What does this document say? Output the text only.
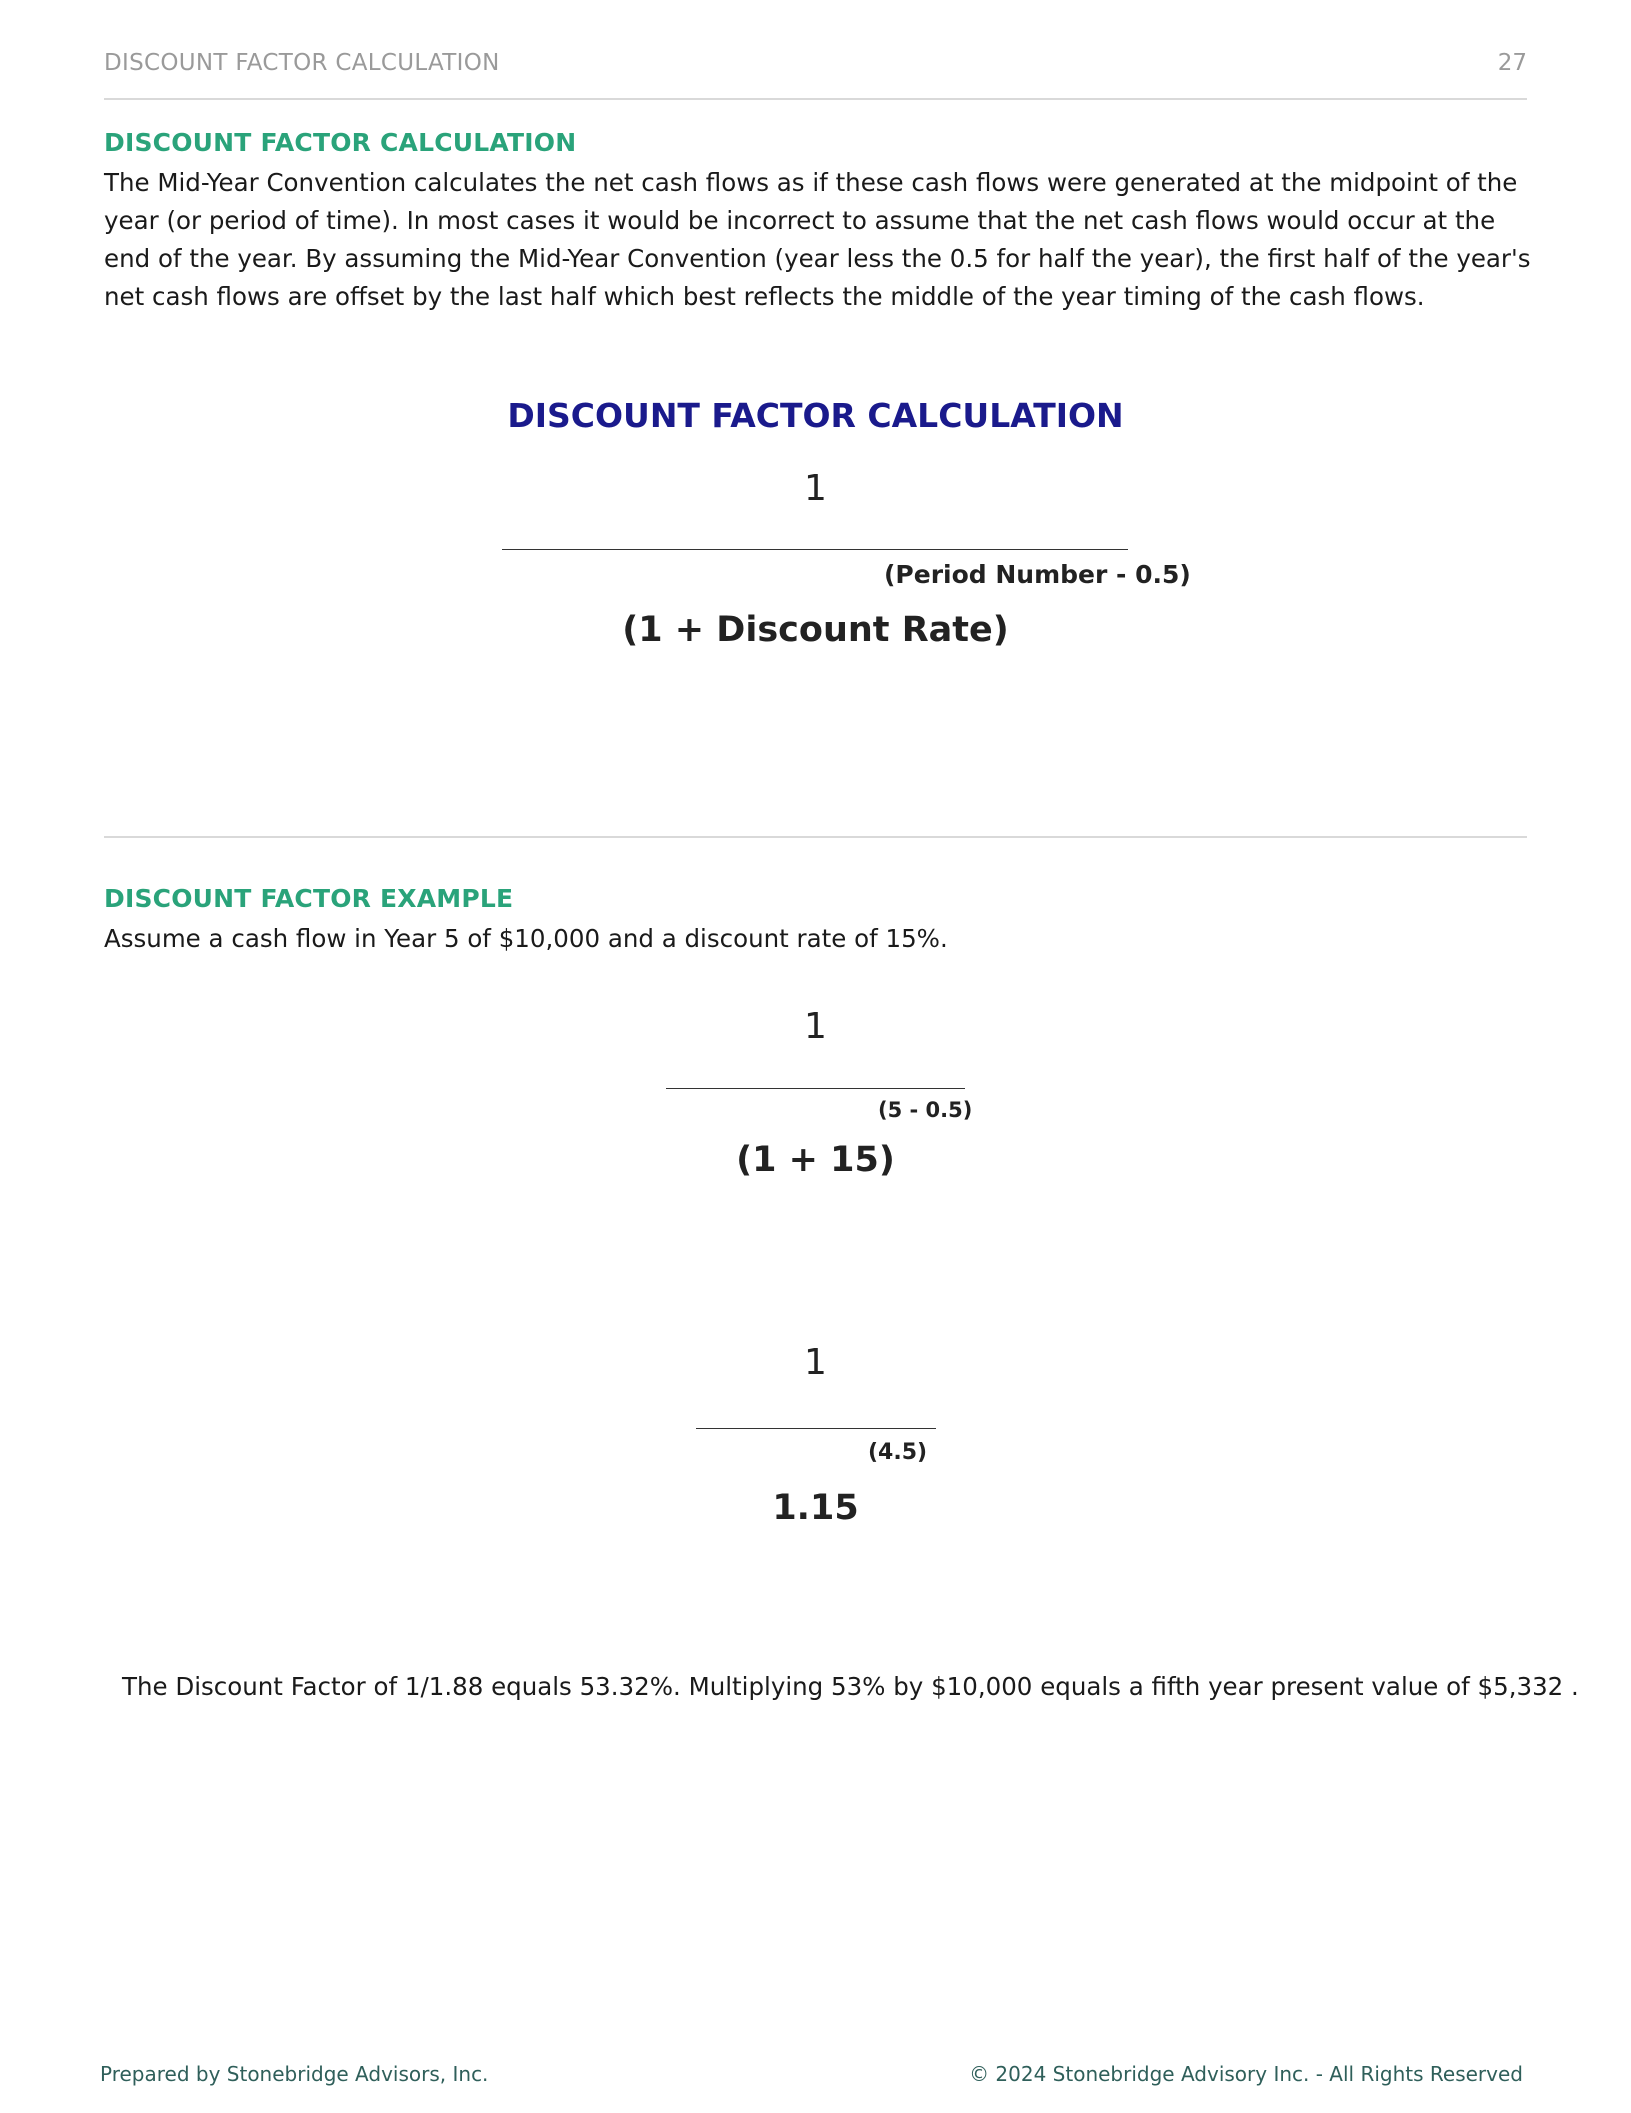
DISCOUNT FACTOR CALCULATION	27
DISCOUNT FACTOR CALCULATION
The Mid-Year Convention calculates the net cash flows as if these cash flows were generated at the midpoint of the year (or period of time). In most cases it would be incorrect to assume that the net cash flows would occur at the end of the year. By assuming the Mid-Year Convention (year less the 0.5 for half the year), the first half of the year's net cash flows are offset by the last half which best reflects the middle of the year timing of the cash flows.
DISCOUNT FACTOR CALCULATION
1
(Period Number - 0.5)
(1 + Discount Rate)
DISCOUNT FACTOR EXAMPLE
Assume a cash flow in Year 5 of $10,000 and a discount rate of 15%.
1
(5 - 0.5)
(1 + 15)
1
(4.5)
1.15
The Discount Factor of 1/1.88 equals 53.32%. Multiplying 53% by $10,000 equals a fifth year present value of $5,332 .
Prepared by Stonebridge Advisors, Inc.	© 2024 Stonebridge Advisory Inc. - All Rights Reserved
